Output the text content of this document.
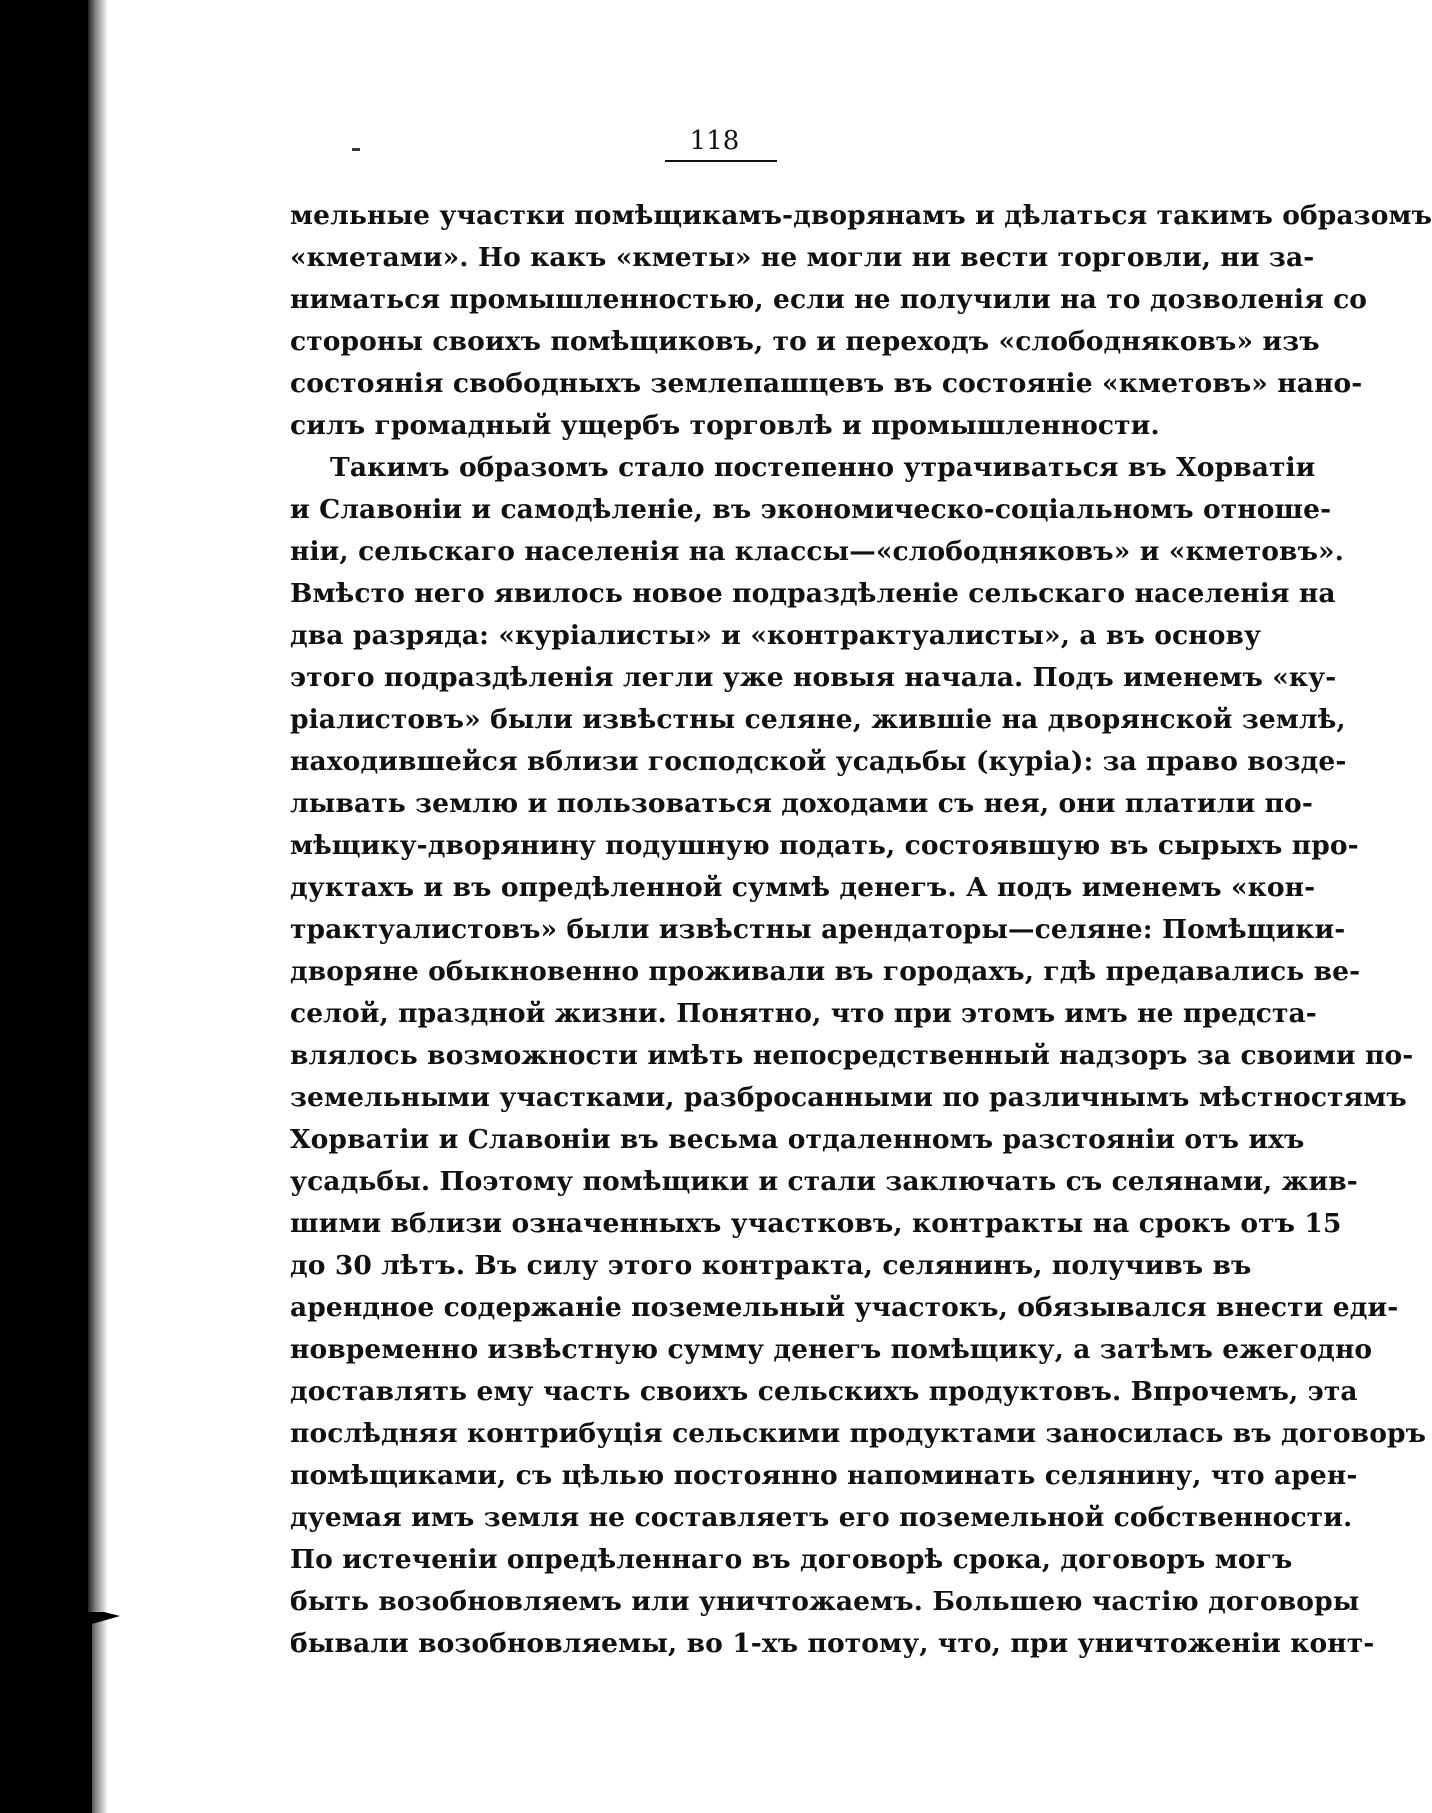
118
мельные участки помѣщикамъ-дворянамъ и дѣлаться такимъ образомъ
«кметами». Но какъ «кметы» не могли ни вести торговли, ни за-
ниматься промышленностью, если не получили на то дозволенія со
стороны своихъ помѣщиковъ, то и переходъ «слободняковъ» изъ
состоянія свободныхъ землепашцевъ въ состояніе «кметовъ» нано-
силъ громадный ущербъ торговлѣ и промышленности.
Такимъ образомъ стало постепенно утрачиваться въ Хорватіи
и Славоніи и самодѣленіе, въ экономическо-соціальномъ отноше-
ніи, сельскаго населенія на классы—«слободняковъ» и «кметовъ».
Вмѣсто него явилось новое подраздѣленіе сельскаго населенія на
два разряда: «куріалисты» и «контрактуалисты», а въ основу
этого подраздѣленія легли уже новыя начала. Подъ именемъ «ку-
ріалистовъ» были извѣстны селяне, жившіе на дворянской землѣ,
находившейся вблизи господской усадьбы (куріа): за право возде-
лывать землю и пользоваться доходами съ нея, они платили по-
мѣщику-дворянину подушную подать, состоявшую въ сырыхъ про-
дуктахъ и въ опредѣленной суммѣ денегъ. А подъ именемъ «кон-
трактуалистовъ» были извѣстны арендаторы—селяне: Помѣщики-
дворяне обыкновенно проживали въ городахъ, гдѣ предавались ве-
селой, праздной жизни. Понятно, что при этомъ имъ не предста-
влялось возможности имѣть непосредственный надзоръ за своими по-
земельными участками, разбросанными по различнымъ мѣстностямъ
Хорватіи и Славоніи въ весьма отдаленномъ разстояніи отъ ихъ
усадьбы. Поэтому помѣщики и стали заключать съ селянами, жив-
шими вблизи означенныхъ участковъ, контракты на срокъ отъ 15
до 30 лѣтъ. Въ силу этого контракта, селянинъ, получивъ въ
арендное содержаніе поземельный участокъ, обязывался внести еди-
новременно извѣстную сумму денегъ помѣщику, а затѣмъ ежегодно
доставлять ему часть своихъ сельскихъ продуктовъ. Впрочемъ, эта
послѣдняя контрибуція сельскими продуктами заносилась въ договоръ
помѣщиками, съ цѣлью постоянно напоминать селянину, что арен-
дуемая имъ земля не составляетъ его поземельной собственности.
По истеченіи опредѣленнаго въ договорѣ срока, договоръ могъ
быть возобновляемъ или уничтожаемъ. Большею частію договоры
бывали возобновляемы, во 1-хъ потому, что, при уничтоженіи конт-
